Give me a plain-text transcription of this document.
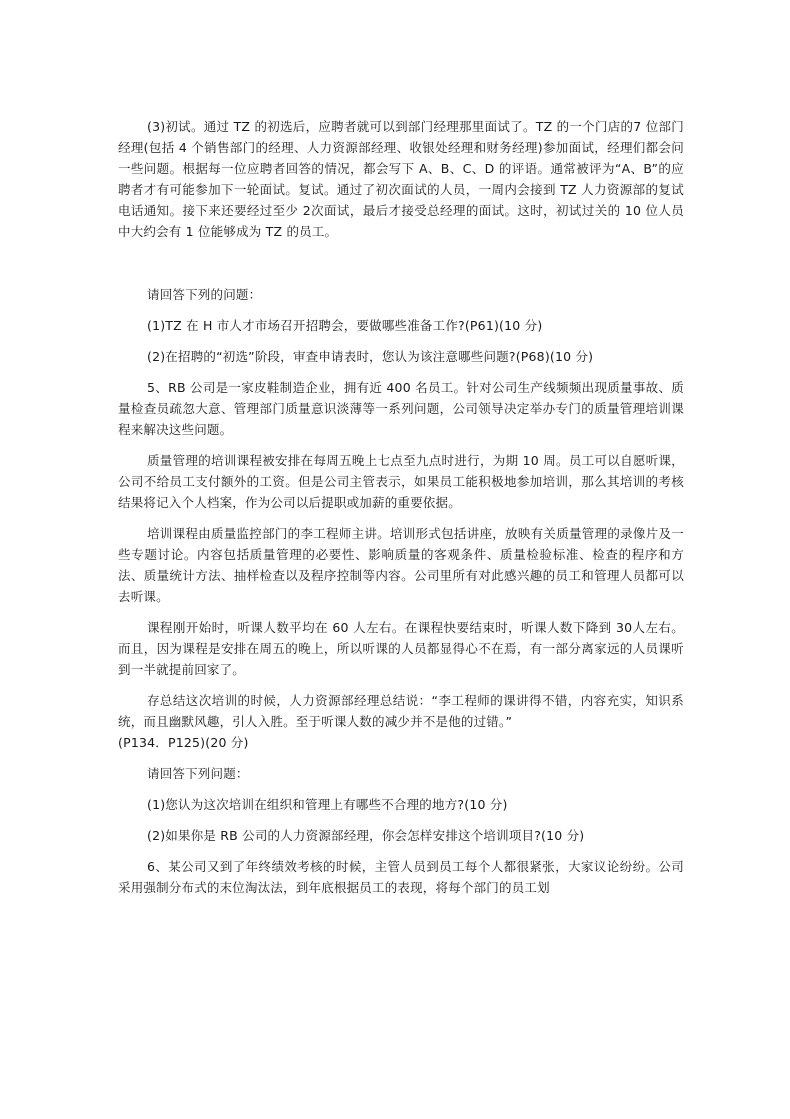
(3)初试。通过 TZ 的初选后，应聘者就可以到部门经理那里面试了。TZ 的一个门店的7 位部门经理(包括 4 个销售部门的经理、人力资源部经理、收银处经理和财务经理)参加面试，经理们都会问一些问题。根据每一位应聘者回答的情况，都会写下 A、B、C、D 的评语。通常被评为“A、B”的应聘者才有可能参加下一轮面试。复试。通过了初次面试的人员，一周内会接到 TZ 人力资源部的复试电话通知。接下来还要经过至少 2次面试，最后才接受总经理的面试。这时，初试过关的 10 位人员中大约会有 1 位能够成为 TZ 的员工。

请回答下列的问题：

(1)TZ 在 H 市人才市场召开招聘会，要做哪些准备工作?(P61)(10 分)

(2)在招聘的“初选”阶段，审查申请表时，您认为该注意哪些问题?(P68)(10 分)

5、RB 公司是一家皮鞋制造企业，拥有近 400 名员工。针对公司生产线频频出现质量事故、质量检查员疏忽大意、管理部门质量意识淡薄等一系列问题，公司领导决定举办专门的质量管理培训课程来解决这些问题。

质量管理的培训课程被安排在每周五晚上七点至九点时进行，为期 10 周。员工可以自愿听课，公司不给员工支付额外的工资。但是公司主管表示，如果员工能积极地参加培训，那么其培训的考核结果将记入个人档案，作为公司以后提职或加薪的重要依据。

培训课程由质量监控部门的李工程师主讲。培训形式包括讲座，放映有关质量管理的录像片及一些专题讨论。内容包括质量管理的必要性、影响质量的客观条件、质量检验标准、检查的程序和方法、质量统计方法、抽样检查以及程序控制等内容。公司里所有对此感兴趣的员工和管理人员都可以去听课。

课程刚开始时，听课人数平均在 60 人左右。在课程快要结束时，听课人数下降到 30人左右。而且，因为课程是安排在周五的晚上，所以听课的人员都显得心不在焉，有一部分离家远的人员课听到一半就提前回家了。

存总结这次培训的时候，人力资源部经理总结说：“李工程师的课讲得不错，内容充实，知识系统，而且幽默风趣，引人入胜。至于听课人数的减少并不是他的过错。”

(P134．P125)(20 分)

请回答下列问题：

(1)您认为这次培训在组织和管理上有哪些不合理的地方?(10 分)

(2)如果你是 RB 公司的人力资源部经理，你会怎样安排这个培训项目?(10 分)

6、某公司又到了年终绩效考核的时候，主管人员到员工每个人都很紧张，大家议论纷纷。公司采用强制分布式的末位淘汰法，到年底根据员工的表现，将每个部门的员工划
